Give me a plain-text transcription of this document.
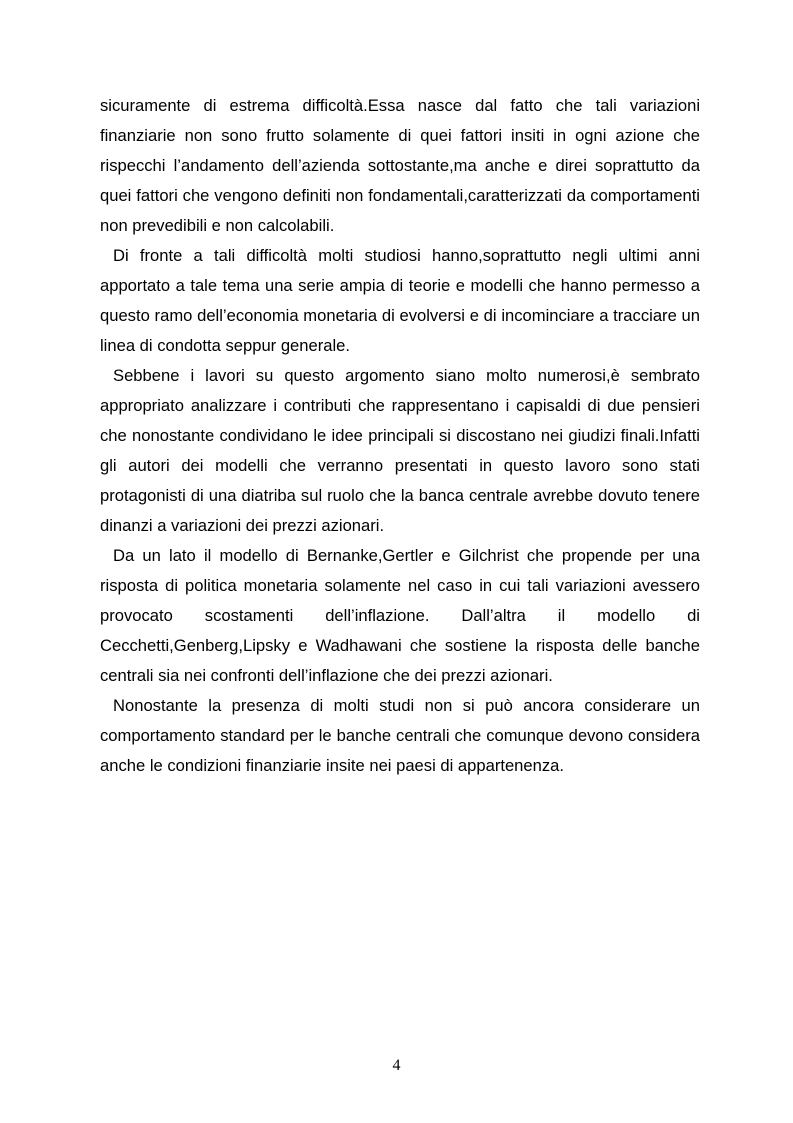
sicuramente di estrema difficoltà.Essa nasce dal fatto che tali variazioni finanziarie non sono frutto solamente di quei fattori insiti in ogni azione che rispecchi l’andamento dell’azienda sottostante,ma anche e direi soprattutto da quei fattori che vengono definiti non fondamentali,caratterizzati da comportamenti non prevedibili e non calcolabili.

Di fronte a tali difficoltà molti studiosi hanno,soprattutto negli ultimi anni apportato a tale tema una serie ampia di teorie e modelli che hanno permesso a questo ramo dell’economia monetaria di evolversi e di incominciare a tracciare un linea di condotta seppur generale.

Sebbene i lavori su questo argomento siano molto numerosi,è sembrato appropriato analizzare i contributi che rappresentano i capisaldi di due pensieri che nonostante condividano le idee principali si discostano nei giudizi finali.Infatti gli autori dei modelli che verranno presentati in questo lavoro sono stati protagonisti di una diatriba sul ruolo che la banca centrale avrebbe dovuto tenere dinanzi a variazioni dei prezzi azionari.

Da un lato il modello di Bernanke,Gertler e Gilchrist che propende per una risposta di politica monetaria solamente nel caso in cui tali variazioni avessero provocato scostamenti dell’inflazione. Dall’altra il modello di Cecchetti,Genberg,Lipsky e Wadhawani che sostiene la risposta delle banche centrali sia nei confronti dell’inflazione che dei prezzi azionari.

Nonostante la presenza di molti studi non si può ancora considerare un comportamento standard per le banche centrali che comunque devono considera anche le condizioni finanziarie insite nei paesi di appartenenza.

4
